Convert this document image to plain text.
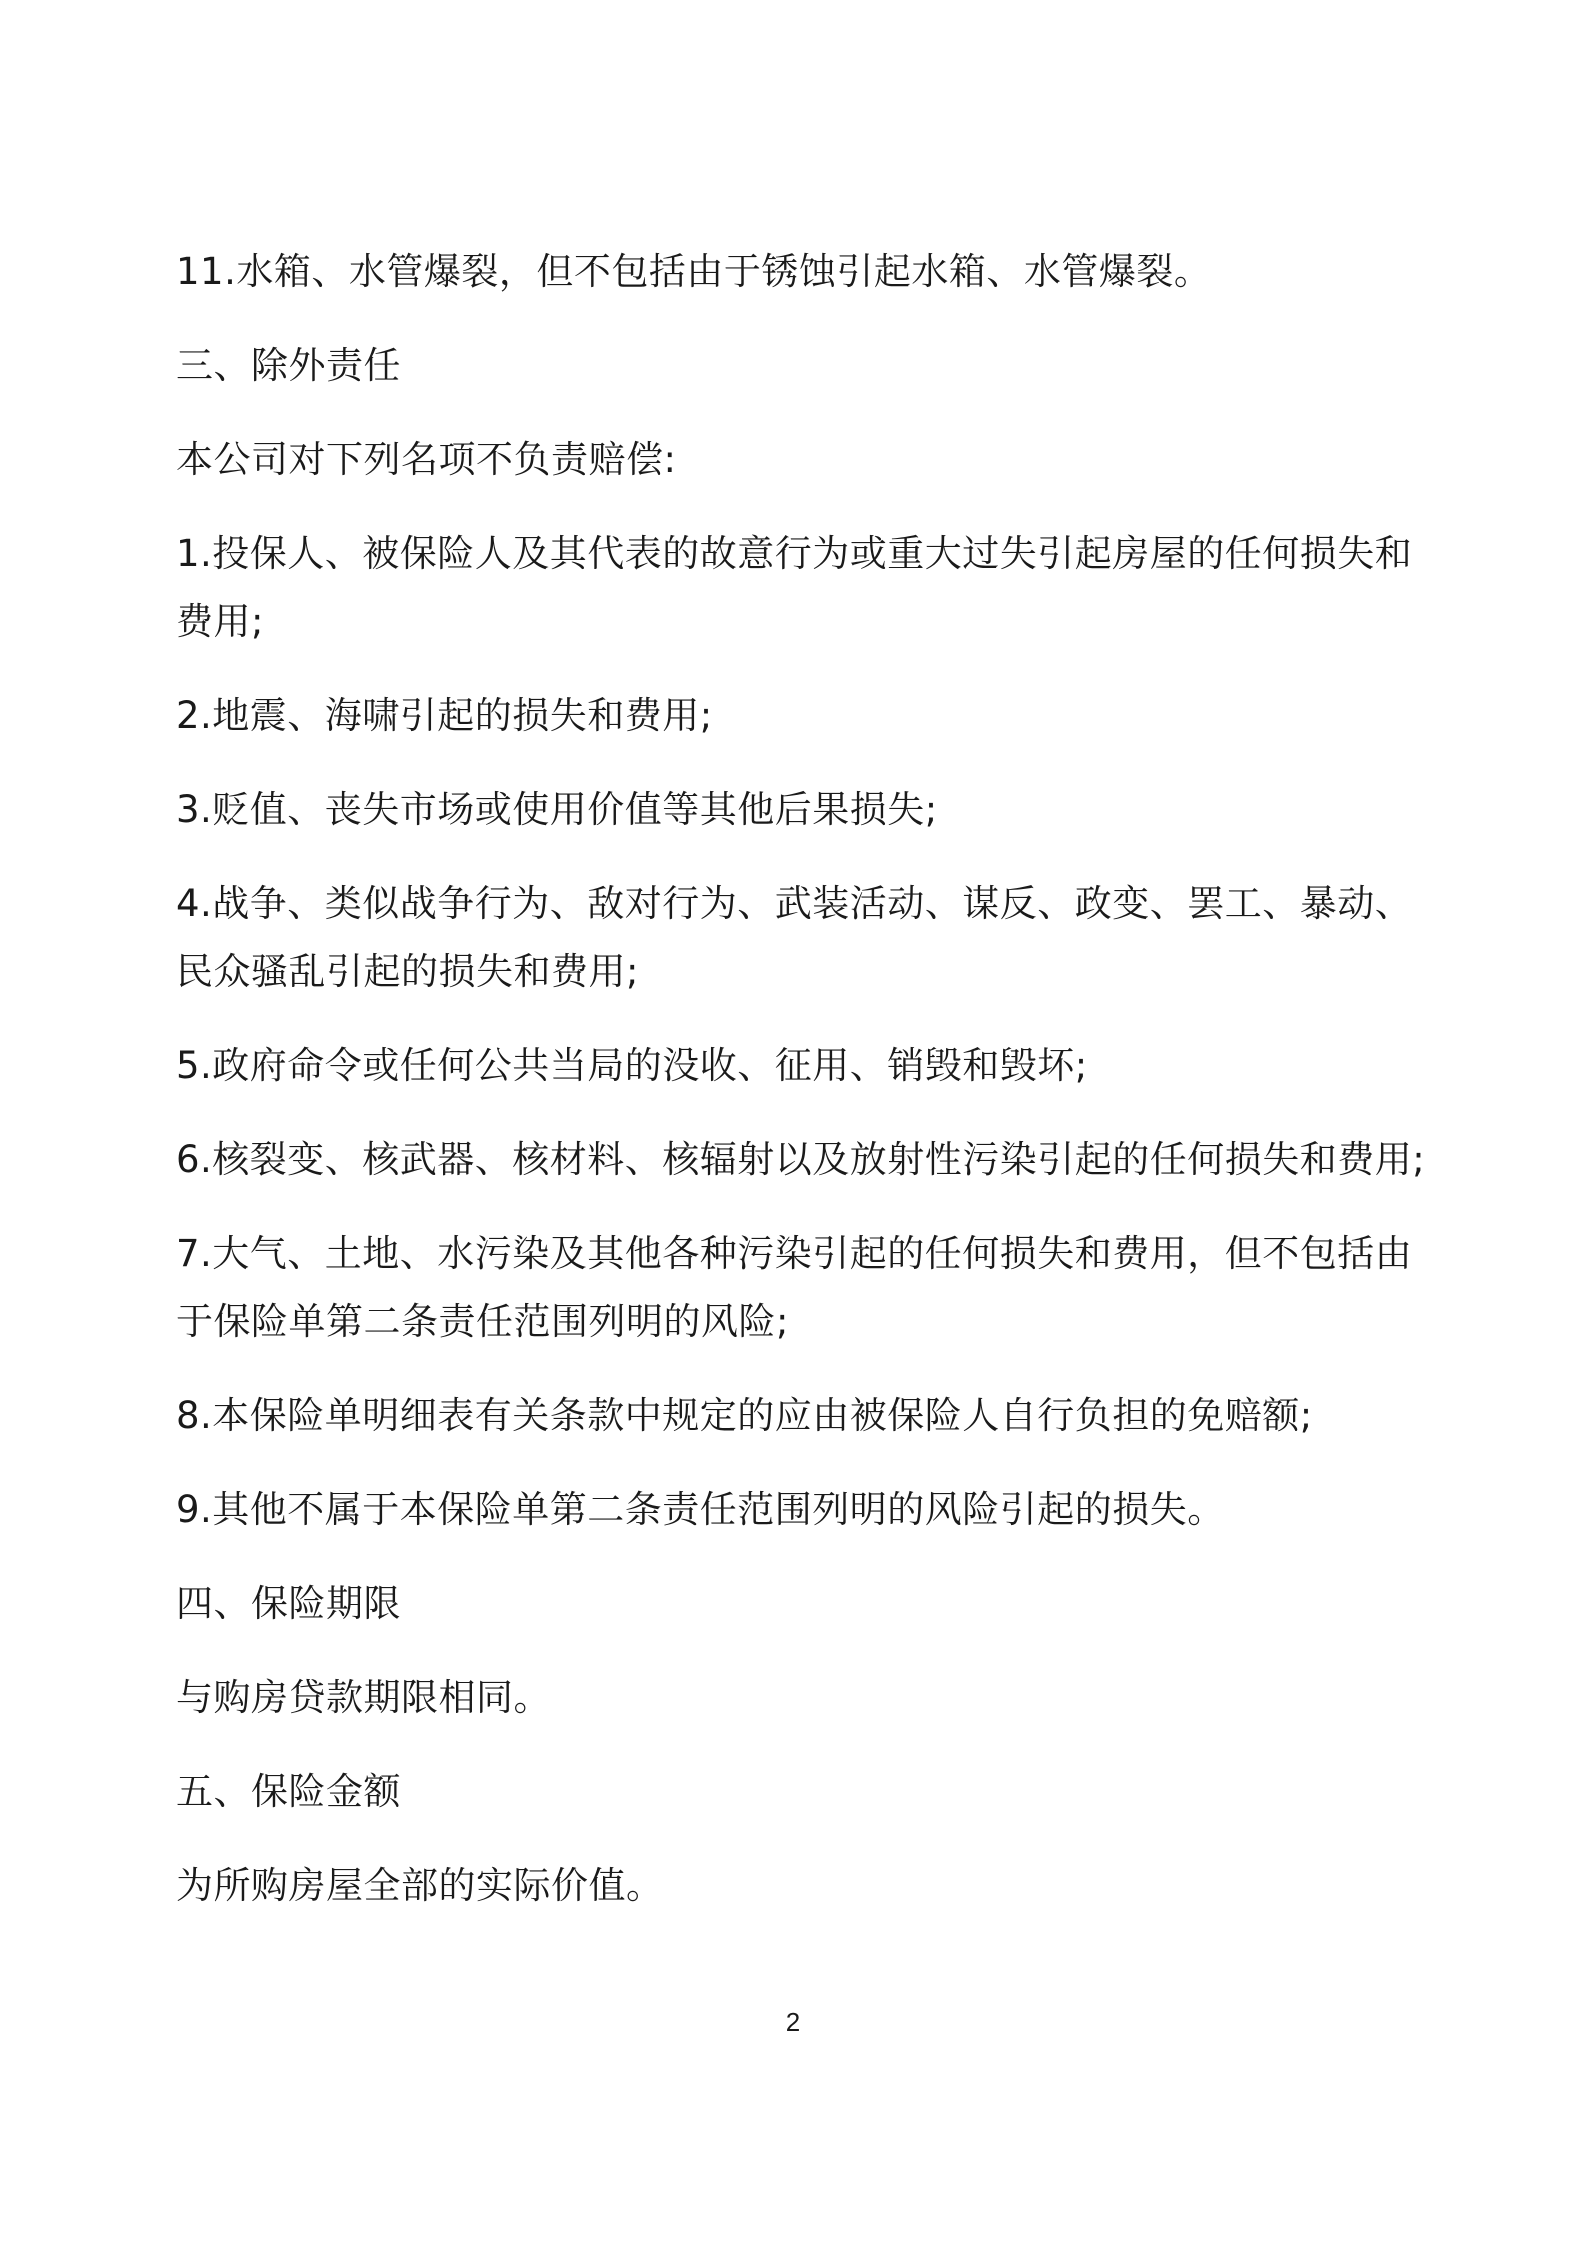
11.水箱、水管爆裂，但不包括由于锈蚀引起水箱、水管爆裂。

三、除外责任

本公司对下列名项不负责赔偿:

1.投保人、被保险人及其代表的故意行为或重大过失引起房屋的任何损失和费用;

2.地震、海啸引起的损失和费用;

3.贬值、丧失市场或使用价值等其他后果损失;

4.战争、类似战争行为、敌对行为、武装活动、谋反、政变、罢工、暴动、民众骚乱引起的损失和费用;

5.政府命令或任何公共当局的没收、征用、销毁和毁坏;

6.核裂变、核武器、核材料、核辐射以及放射性污染引起的任何损失和费用;

7.大气、土地、水污染及其他各种污染引起的任何损失和费用，但不包括由于保险单第二条责任范围列明的风险;

8.本保险单明细表有关条款中规定的应由被保险人自行负担的免赔额;

9.其他不属于本保险单第二条责任范围列明的风险引起的损失。

四、保险期限

与购房贷款期限相同。

五、保险金额

为所购房屋全部的实际价值。

2
